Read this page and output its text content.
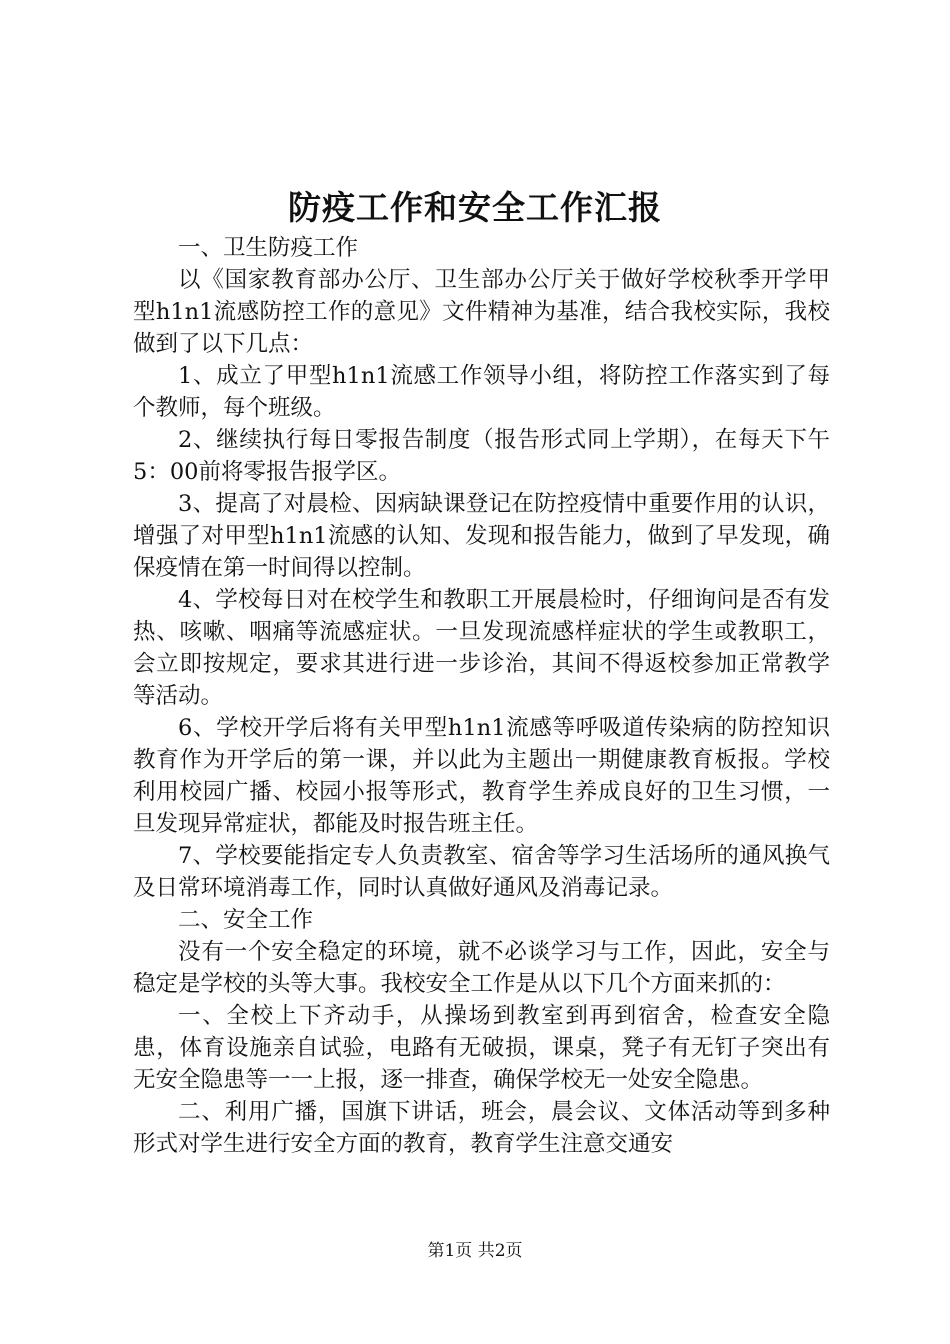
防疫工作和安全工作汇报

一、卫生防疫工作

以《国家教育部办公厅、卫生部办公厅关于做好学校秋季开学甲型h1n1流感防控工作的意见》文件精神为基准，结合我校实际，我校做到了以下几点：

1、成立了甲型h1n1流感工作领导小组，将防控工作落实到了每个教师，每个班级。

2、继续执行每日零报告制度（报告形式同上学期），在每天下午5：00前将零报告报学区。

3、提高了对晨检、因病缺课登记在防控疫情中重要作用的认识，增强了对甲型h1n1流感的认知、发现和报告能力，做到了早发现，确保疫情在第一时间得以控制。

4、学校每日对在校学生和教职工开展晨检时，仔细询问是否有发热、咳嗽、咽痛等流感症状。一旦发现流感样症状的学生或教职工，会立即按规定，要求其进行进一步诊治，其间不得返校参加正常教学等活动。

6、学校开学后将有关甲型h1n1流感等呼吸道传染病的防控知识教育作为开学后的第一课，并以此为主题出一期健康教育板报。学校利用校园广播、校园小报等形式，教育学生养成良好的卫生习惯，一旦发现异常症状，都能及时报告班主任。

7、学校要能指定专人负责教室、宿舍等学习生活场所的通风换气及日常环境消毒工作，同时认真做好通风及消毒记录。

二、安全工作

没有一个安全稳定的环境，就不必谈学习与工作，因此，安全与稳定是学校的头等大事。我校安全工作是从以下几个方面来抓的：

一、全校上下齐动手，从操场到教室到再到宿舍，检查安全隐患，体育设施亲自试验，电路有无破损，课桌，凳子有无钉子突出有无安全隐患等一一上报，逐一排查，确保学校无一处安全隐患。

二、利用广播，国旗下讲话，班会，晨会议、文体活动等到多种形式对学生进行安全方面的教育，教育学生注意交通安

第1页 共2页
